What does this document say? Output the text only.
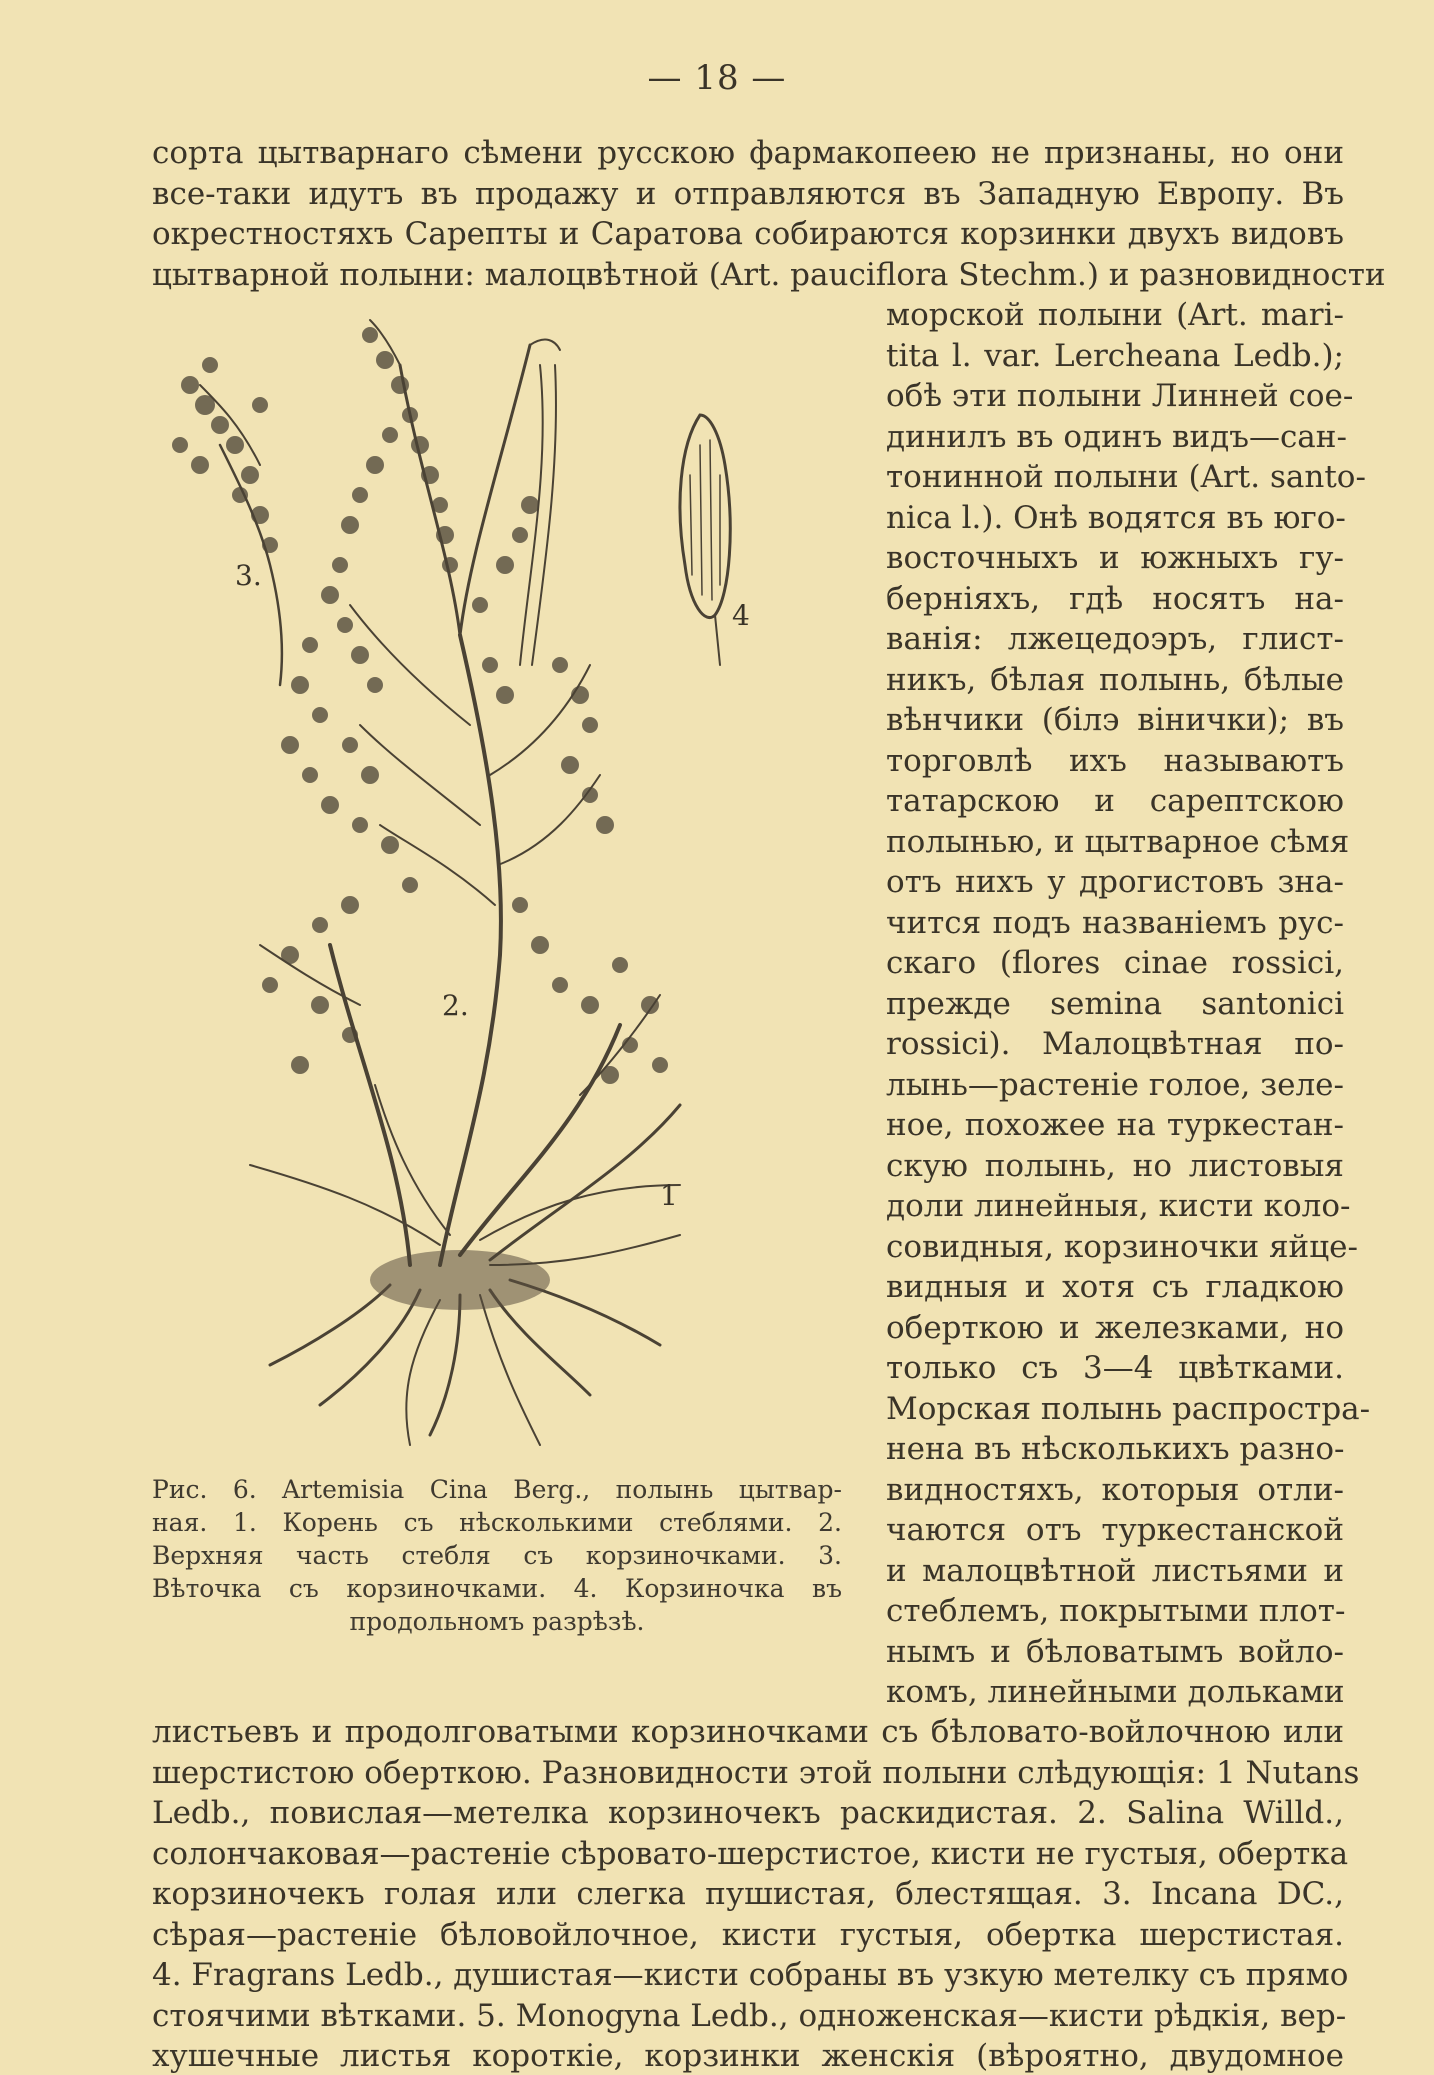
— 18 —
сорта цытварнаго сѣмени русскою фармакопеею не признаны, но они
все-таки идутъ въ продажу и отправляются въ Западную Европу. Въ
окрестностяхъ Сарепты и Саратова собираются корзинки двухъ видовъ
цытварной полыни: малоцвѣтной (Art. pauciflora Stechm.) и разновидности
морской полыни (Art. mari-
tita l. var. Lercheana Ledb.);
обѣ эти полыни Линней сое-
динилъ въ одинъ видъ—сан-
тонинной полыни (Art. santo-
nica l.). Онѣ водятся въ юго-
восточныхъ и южныхъ гу-
берніяхъ, гдѣ носятъ на-
ванія: лжецедоэръ, глист-
никъ, бѣлая полынь, бѣлые
вѣнчики (білэ вінички); въ
торговлѣ ихъ называютъ
татарскою и сарептскою
полынью, и цытварное сѣмя
отъ нихъ у дрогистовъ зна-
чится подъ названіемъ рус-
скаго (flores cinae rossici,
прежде semina santonici
rossici). Малоцвѣтная по-
лынь—растеніе голое, зеле-
ное, похожее на туркестан-
скую полынь, но листовыя
доли линейныя, кисти коло-
совидныя, корзиночки яйце-
видныя и хотя съ гладкою
оберткою и железками, но
только съ 3—4 цвѣтками.
Морская полынь распростра-
нена въ нѣсколькихъ разно-
видностяхъ, которыя отли-
чаются отъ туркестанской
и малоцвѣтной листьями и
стеблемъ, покрытыми плот-
нымъ и бѣловатымъ войло-
комъ, линейными дольками
3.
4
2.
1
Рис. 6. Artemisia Cina Berg., полынь цытвар-
ная. 1. Корень съ нѣсколькими стеблями. 2.
Верхняя часть стебля съ корзиночками. 3.
Вѣточка съ корзиночками. 4. Корзиночка въ
продольномъ разрѣзѣ.
листьевъ и продолговатыми корзиночками съ бѣловато-войлочною или
шерстистою оберткою. Разновидности этой полыни слѣдующія: 1 Nutans
Ledb., повислая—метелка корзиночекъ раскидистая. 2. Salina Willd.,
солончаковая—растеніе сѣровато-шерстистое, кисти не густыя, обертка
корзиночекъ голая или слегка пушистая, блестящая. 3. Incana DC.,
сѣрая—растеніе бѣловойлочное, кисти густыя, обертка шерстистая.
4. Fragrans Ledb., душистая—кисти собраны въ узкую метелку съ прямо
стоячими вѣтками. 5. Monogyna Ledb., одноженская—кисти рѣдкія, вер-
хушечные листья короткіе, корзинки женскія (вѣроятно, двудомное
